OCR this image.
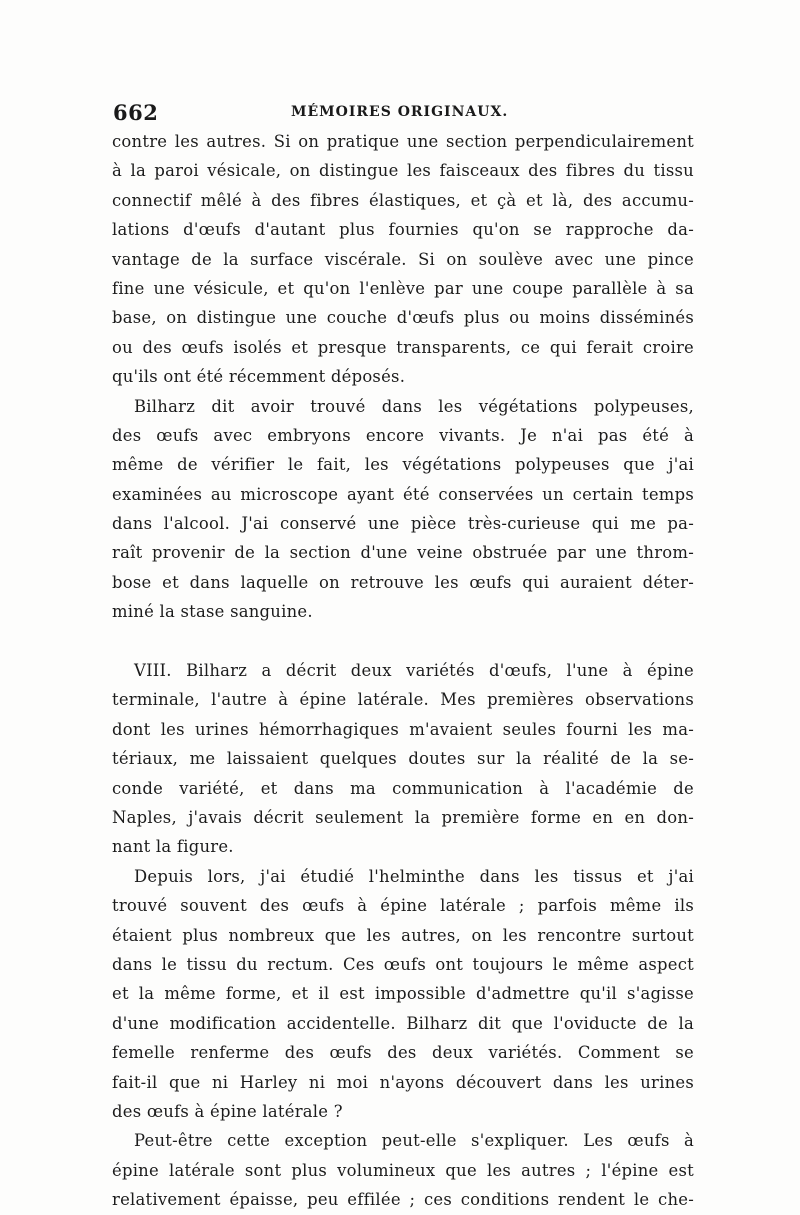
662	MÉMOIRES ORIGINAUX.
contre les autres. Si on pratique une section perpendiculairement
à la paroi vésicale, on distingue les faisceaux des fibres du tissu
connectif mêlé à des fibres élastiques, et çà et là, des accumu-
lations d'œufs d'autant plus fournies qu'on se rapproche da-
vantage de la surface viscérale. Si on soulève avec une pince
fine une vésicule, et qu'on l'enlève par une coupe parallèle à sa
base, on distingue une couche d'œufs plus ou moins disséminés
ou des œufs isolés et presque transparents, ce qui ferait croire
qu'ils ont été récemment déposés.
Bilharz dit avoir trouvé dans les végétations polypeuses,
des œufs avec embryons encore vivants. Je n'ai pas été à
même de vérifier le fait, les végétations polypeuses que j'ai
examinées au microscope ayant été conservées un certain temps
dans l'alcool. J'ai conservé une pièce très-curieuse qui me pa-
raît provenir de la section d'une veine obstruée par une throm-
bose et dans laquelle on retrouve les œufs qui auraient déter-
miné la stase sanguine.
VIII. Bilharz a décrit deux variétés d'œufs, l'une à épine
terminale, l'autre à épine latérale. Mes premières observations
dont les urines hémorrhagiques m'avaient seules fourni les ma-
tériaux, me laissaient quelques doutes sur la réalité de la se-
conde variété, et dans ma communication à l'académie de
Naples, j'avais décrit seulement la première forme en en don-
nant la figure.
Depuis lors, j'ai étudié l'helminthe dans les tissus et j'ai
trouvé souvent des œufs à épine latérale ; parfois même ils
étaient plus nombreux que les autres, on les rencontre surtout
dans le tissu du rectum. Ces œufs ont toujours le même aspect
et la même forme, et il est impossible d'admettre qu'il s'agisse
d'une modification accidentelle. Bilharz dit que l'oviducte de la
femelle renferme des œufs des deux variétés. Comment se
fait-il que ni Harley ni moi n'ayons découvert dans les urines
des œufs à épine latérale ?
Peut-être cette exception peut-elle s'expliquer. Les œufs à
épine latérale sont plus volumineux que les autres ; l'épine est
relativement épaisse, peu effilée ; ces conditions rendent le che-
